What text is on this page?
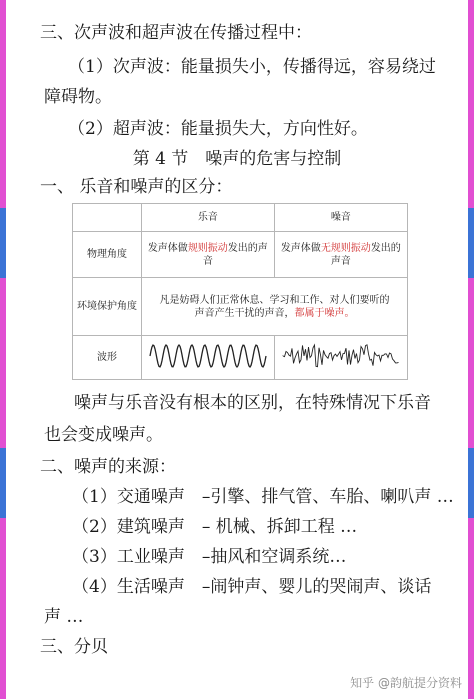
三、次声波和超声波在传播过程中：
（1）次声波：能量损失小，传播得远，容易绕过
障碍物。
（2）超声波：能量损失大，方向性好。
第 4 节　噪声的危害与控制
一、 乐音和噪声的区分：
	乐音	噪音
物理角度	发声体做规则振动发出的声音	发声体做无规则振动发出的声音
环境保护角度	凡是妨碍人们正常休息、学习和工作、对人们要听的声音产生干扰的声音，都属于噪声。	
波形		
噪声与乐音没有根本的区别，在特殊情况下乐音
也会变成噪声。
二、噪声的来源：
（1）交通噪声　–引擎、排气管、车胎、喇叭声 …
（2）建筑噪声　– 机械、拆卸工程 …
（3）工业噪声　–抽风和空调系统…
（4）生活噪声　–闹钟声、婴儿的哭闹声、谈话
声 …
三、分贝
知乎 @韵航提分资料
